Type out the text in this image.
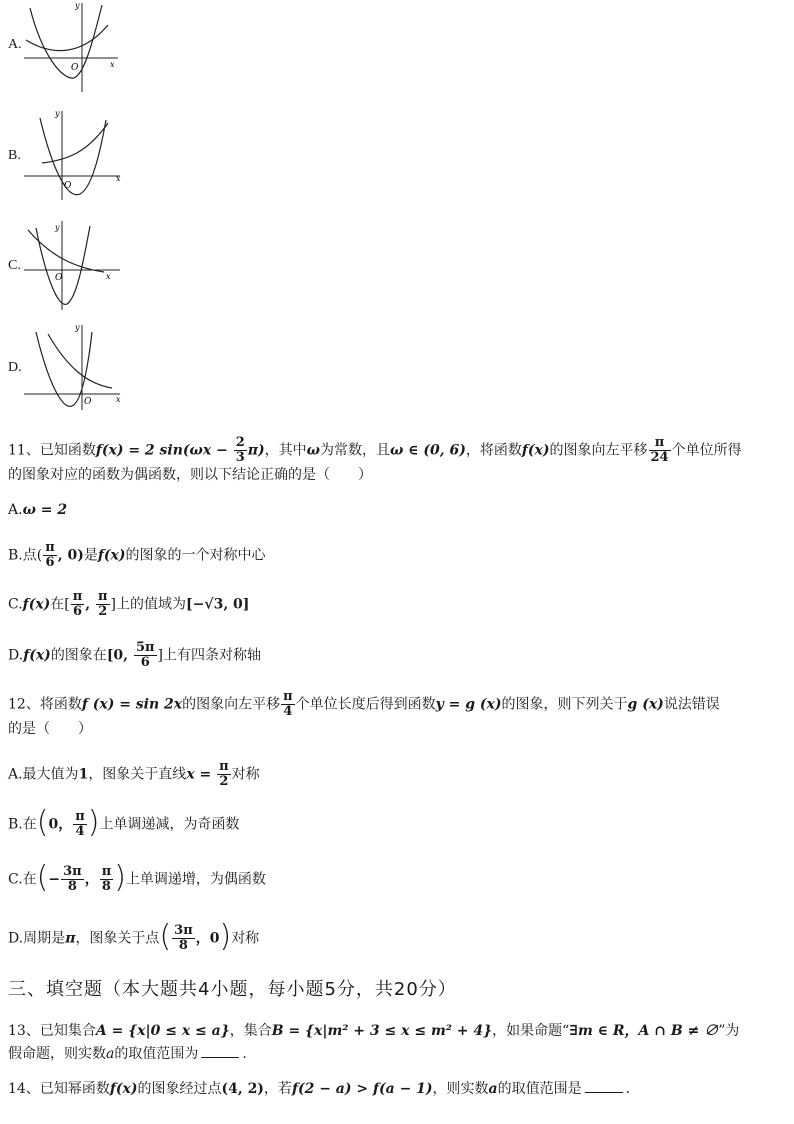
A.
O	x
y
B.
O
x
y
C.
O	x
y
D.
O	x
y
11、已知函数f(x) = 2 $\sin(\omega x - \frac{2}{3} \pi)$，其中ω为常数，且ω ∈ (0, 6)，将函数f(x)的图象向左平移 $\frac{\pi}{24}$ 个单位所得
的图象对应的函数为偶函数，则以下结论正确的是（　　）
A.ω = 2
B.点( $\frac{\pi}{6}$ , 0)是f(x)的图象的一个对称中心
C.f(x)在[ $\frac{\pi}{6}$ , $\frac{\pi}{2}$ ]上的值域为[−√3, 0]
D.f(x)的图象在[0, $\frac{5\pi}{6}$ ]上有四条对称轴
12、将函数f (x) = sin 2x的图象向左平移 $\frac{\pi}{4}$ 个单位长度后得到函数y = g (x)的图象，则下列关于g (x)说法错误
的是（　　）
A.最大值为1，图象关于直线$x = \frac{\pi}{2}$ 对称
B.在(0， $\frac{\pi}{4}$ )上单调递减，为奇函数
C.在(− $\frac{3\pi}{8}$ ， $\frac{\pi}{8}$ )上单调递增，为偶函数
D.周期是π，图象关于点( $\frac{3\pi}{8}$ ，0)对称
三、填空题（本大题共4小题，每小题5分，共20分）
13、已知集合A = {x|0 ≤ x ≤ a}，集合B = {x|m² + 3 ≤ x ≤ m² + 4}，如果命题“∃m ∈ R，A ∩ B ≠ ∅”为
假命题，则实数a的取值范围为	.
14、已知幂函数f(x)的图象经过点(4, 2)，若f(2 − a) > f(a − 1)，则实数a的取值范围是	.
